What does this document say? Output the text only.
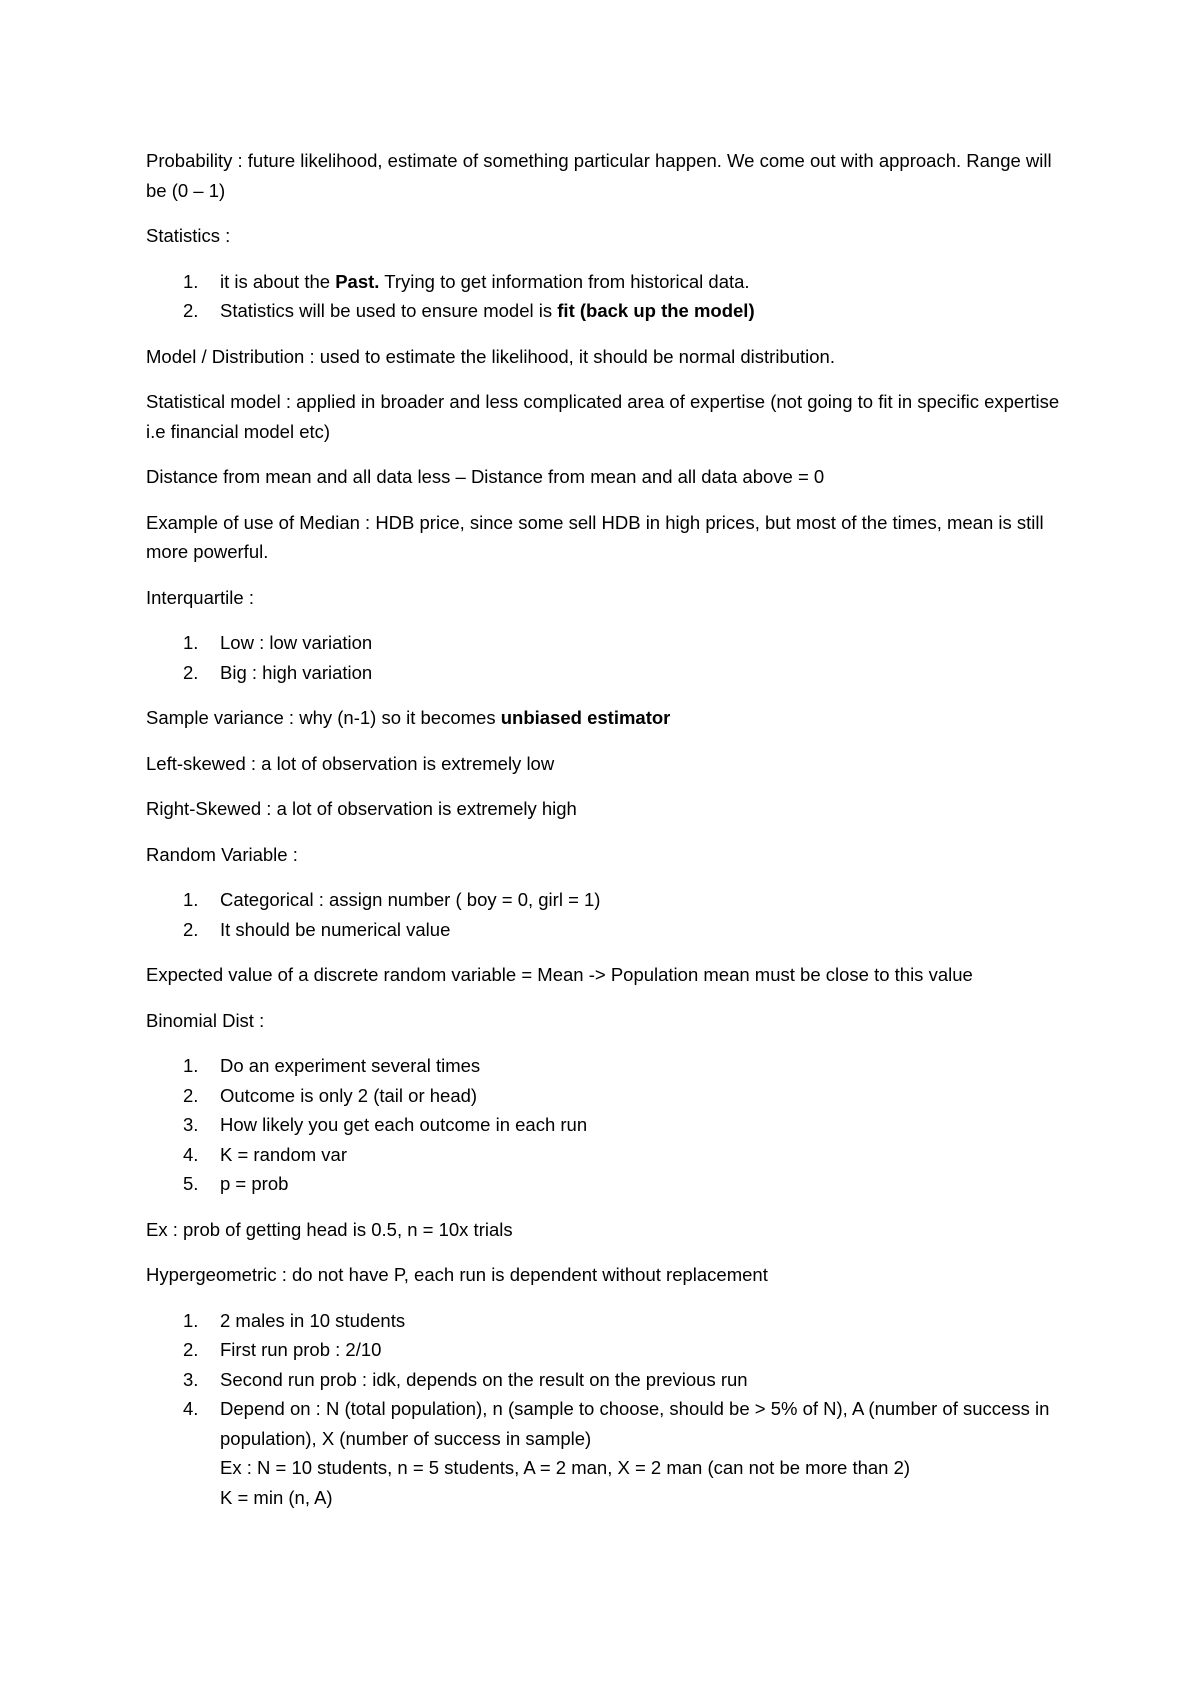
Probability : future likelihood, estimate of something particular happen. We come out with approach. Range will be (0 – 1)

Statistics :

1. it is about the Past. Trying to get information from historical data.
2. Statistics will be used to ensure model is fit (back up the model)

Model / Distribution : used to estimate the likelihood, it should be normal distribution.

Statistical model : applied in broader and less complicated area of expertise (not going to fit in specific expertise i.e financial model etc)

Distance from mean and all data less – Distance from mean and all data above = 0

Example of use of Median : HDB price, since some sell HDB in high prices, but most of the times, mean is still more powerful.

Interquartile :

1. Low : low variation
2. Big : high variation

Sample variance : why (n-1) so it becomes unbiased estimator

Left-skewed : a lot of observation is extremely low

Right-Skewed : a lot of observation is extremely high

Random Variable :

1. Categorical : assign number ( boy = 0, girl = 1)
2. It should be numerical value

Expected value of a discrete random variable = Mean -> Population mean must be close to this value

Binomial Dist :

1. Do an experiment several times
2. Outcome is only 2 (tail or head)
3. How likely you get each outcome in each run
4. K = random var
5. p = prob

Ex : prob of getting head is 0.5, n = 10x trials

Hypergeometric : do not have P, each run is dependent without replacement

1. 2 males in 10 students
2. First run prob : 2/10
3. Second run prob : idk, depends on the result on the previous run
4. Depend on : N (total population), n (sample to choose, should be > 5% of N), A (number of success in population), X (number of success in sample)
Ex : N = 10 students, n = 5 students, A = 2 man, X = 2 man (can not be more than 2)
K = min (n, A)
